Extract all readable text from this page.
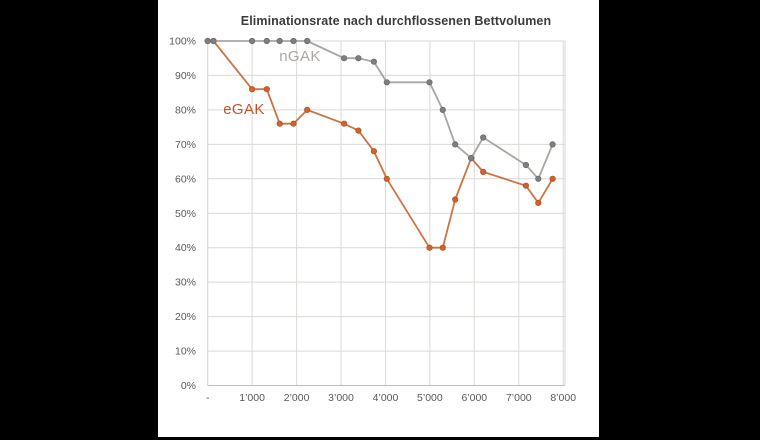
-	1’000 2’000 3’000 4’000 5’000 6’000 7’000 8’000
0%
10%
20%
30%
40%
50%
60%
70%
80%
90%
100%
Eliminationsrate nach durchflossenen Bettvolumen
nGAK
eGAK
